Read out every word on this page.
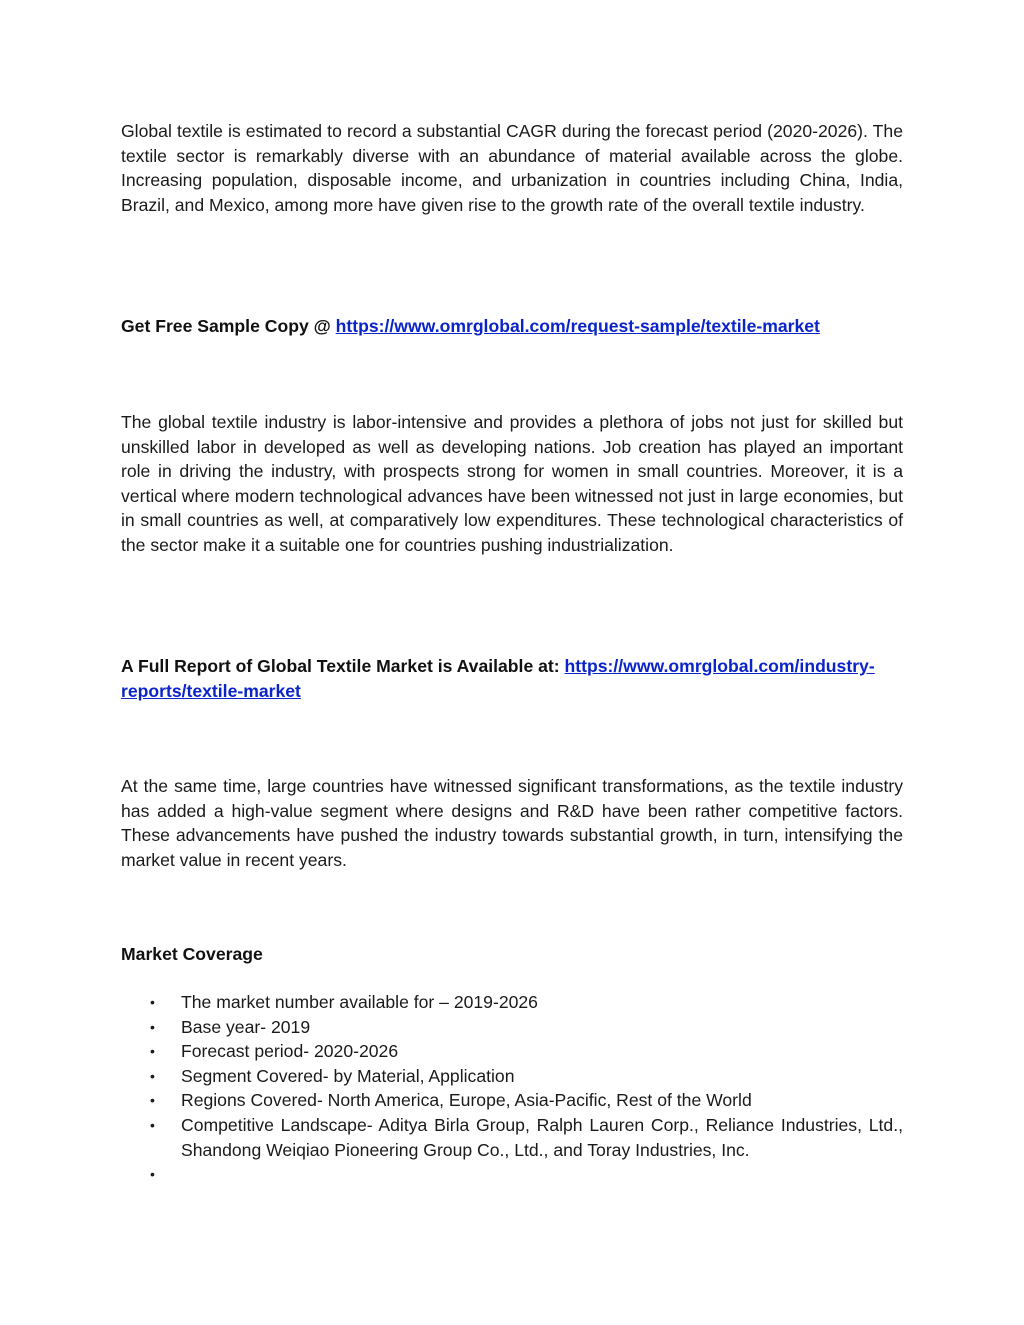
Global textile is estimated to record a substantial CAGR during the forecast period (2020-2026). The textile sector is remarkably diverse with an abundance of material available across the globe. Increasing population, disposable income, and urbanization in countries including China, India, Brazil, and Mexico, among more have given rise to the growth rate of the overall textile industry.

Get Free Sample Copy @ https://www.omrglobal.com/request-sample/textile-market

The global textile industry is labor-intensive and provides a plethora of jobs not just for skilled but unskilled labor in developed as well as developing nations. Job creation has played an important role in driving the industry, with prospects strong for women in small countries. Moreover, it is a vertical where modern technological advances have been witnessed not just in large economies, but in small countries as well, at comparatively low expenditures. These technological characteristics of the sector make it a suitable one for countries pushing industrialization.

A Full Report of Global Textile Market is Available at: https://www.omrglobal.com/industry-reports/textile-market

At the same time, large countries have witnessed significant transformations, as the textile industry has added a high-value segment where designs and R&D have been rather competitive factors. These advancements have pushed the industry towards substantial growth, in turn, intensifying the market value in recent years.

Market Coverage

• The market number available for – 2019-2026
• Base year- 2019
• Forecast period- 2020-2026
• Segment Covered- by Material, Application
• Regions Covered- North America, Europe, Asia-Pacific, Rest of the World
• Competitive Landscape- Aditya Birla Group, Ralph Lauren Corp., Reliance Industries, Ltd., Shandong Weiqiao Pioneering Group Co., Ltd., and Toray Industries, Inc.
•
